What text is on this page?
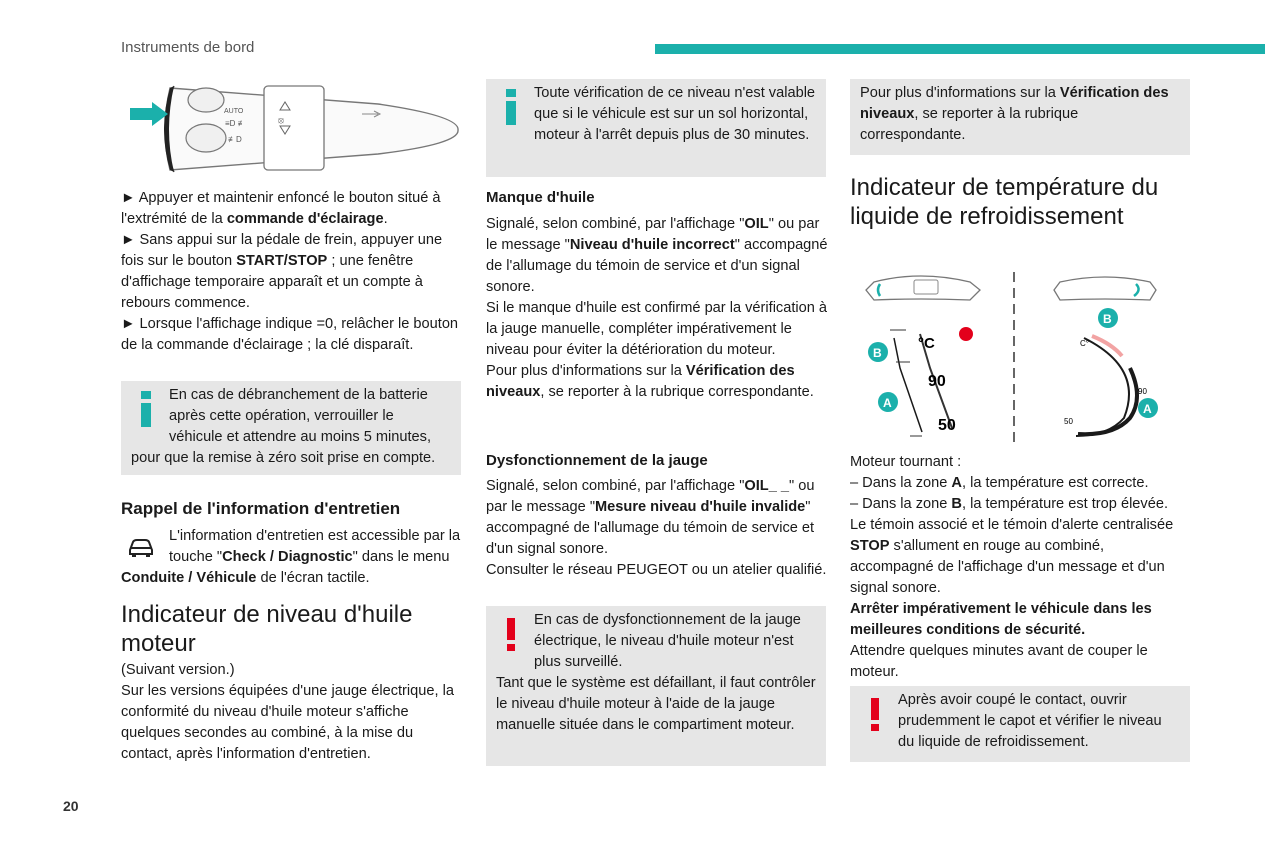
Instruments de bord
AUTO
≡D ≢
≢D
⦻

► Appuyer et maintenir enfoncé le bouton situé à l'extrémité de la commande d'éclairage.

► Sans appui sur la pédale de frein, appuyer une fois sur le bouton START/STOP ; une fenêtre d'affichage temporaire apparaît et un compte à rebours commence.

► Lorsque l'affichage indique =0, relâcher le bouton de la commande d'éclairage ; la clé disparaît.

En cas de débranchement de la batterie après cette opération, verrouiller le véhicule et attendre au moins 5 minutes, pour que la remise à zéro soit prise en compte.

Rappel de l'information d'entretien

L'information d'entretien est accessible par la touche "Check / Diagnostic" dans le menu Conduite / Véhicule de l'écran tactile.

Indicateur de niveau d'huile moteur

(Suivant version.)

Sur les versions équipées d'une jauge électrique, la conformité du niveau d'huile moteur s'affiche quelques secondes au combiné, à la mise du contact, après l'information d'entretien.

20
Toute vérification de ce niveau n'est valable que si le véhicule est sur un sol horizontal, moteur à l'arrêt depuis plus de 30 minutes.

Manque d'huile

Signalé, selon combiné, par l'affichage "OIL" ou par le message "Niveau d'huile incorrect" accompagné de l'allumage du témoin de service et d'un signal sonore.

Si le manque d'huile est confirmé par la vérification à la jauge manuelle, compléter impérativement le niveau pour éviter la détérioration du moteur.

Pour plus d'informations sur la Vérification des niveaux, se reporter à la rubrique correspondante.

Dysfonctionnement de la jauge

Signalé, selon combiné, par l'affichage "OIL_ _" ou par le message "Mesure niveau d'huile invalide" accompagné de l'allumage du témoin de service et d'un signal sonore.

Consulter le réseau PEUGEOT ou un atelier qualifié.

En cas de dysfonctionnement de la jauge électrique, le niveau d'huile moteur n'est plus surveillé.

Tant que le système est défaillant, il faut contrôler le niveau d'huile moteur à l'aide de la jauge manuelle située dans le compartiment moteur.

Pour plus d'informations sur la Vérification des niveaux, se reporter à la rubrique correspondante.

Indicateur de température du liquide de refroidissement

°C
90
50
B
A
C°
90
50
B
A

Moteur tournant :

– Dans la zone A, la température est correcte.

– Dans la zone B, la température est trop élevée. Le témoin associé et le témoin d'alerte centralisée STOP s'allument en rouge au combiné, accompagné de l'affichage d'un message et d'un signal sonore.

Arrêter impérativement le véhicule dans les meilleures conditions de sécurité.

Attendre quelques minutes avant de couper le moteur.

Après avoir coupé le contact, ouvrir prudemment le capot et vérifier le niveau du liquide de refroidissement.
